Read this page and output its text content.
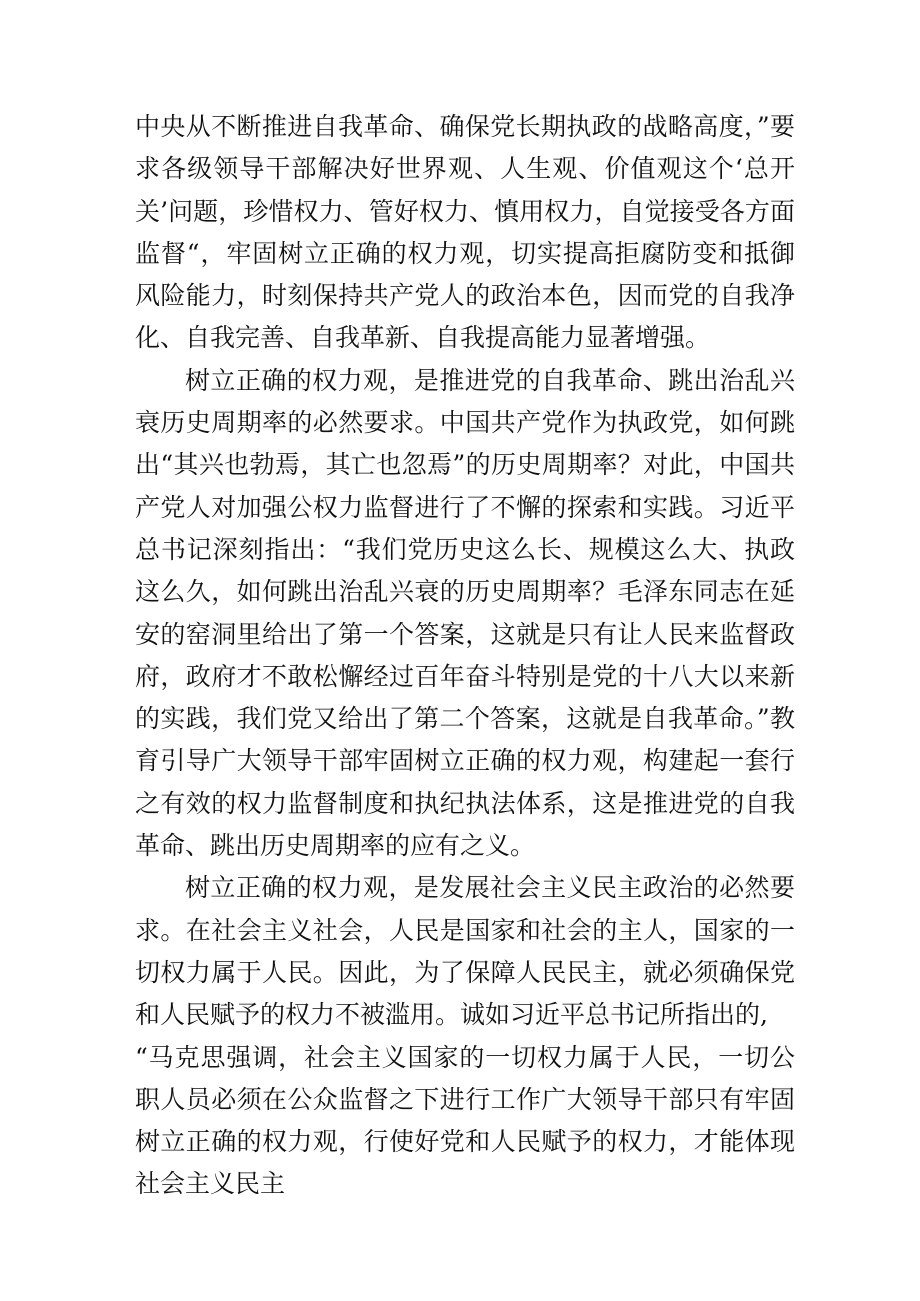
中央从不断推进自我革命、确保党长期执政的战略高度，”要求各级领导干部解决好世界观、人生观、价值观这个‘总开关’问题，珍惜权力、管好权力、慎用权力，自觉接受各方面监督“，牢固树立正确的权力观，切实提高拒腐防变和抵御风险能力，时刻保持共产党人的政治本色，因而党的自我净化、自我完善、自我革新、自我提高能力显著增强。

树立正确的权力观，是推进党的自我革命、跳出治乱兴衰历史周期率的必然要求。中国共产党作为执政党，如何跳出“其兴也勃焉，其亡也忽焉”的历史周期率？对此，中国共产党人对加强公权力监督进行了不懈的探索和实践。习近平总书记深刻指出：“我们党历史这么长、规模这么大、执政这么久，如何跳出治乱兴衰的历史周期率？毛泽东同志在延安的窑洞里给出了第一个答案，这就是只有让人民来监督政府，政府才不敢松懈经过百年奋斗特别是党的十八大以来新的实践，我们党又给出了第二个答案，这就是自我革命。”教育引导广大领导干部牢固树立正确的权力观，构建起一套行之有效的权力监督制度和执纪执法体系，这是推进党的自我革命、跳出历史周期率的应有之义。

树立正确的权力观，是发展社会主义民主政治的必然要求。在社会主义社会，人民是国家和社会的主人，国家的一切权力属于人民。因此，为了保障人民民主，就必须确保党和人民赋予的权力不被滥用。诚如习近平总书记所指出的,

“马克思强调，社会主义国家的一切权力属于人民，一切公职人员必须在公众监督之下进行工作广大领导干部只有牢固树立正确的权力观，行使好党和人民赋予的权力，才能体现社会主义民主
